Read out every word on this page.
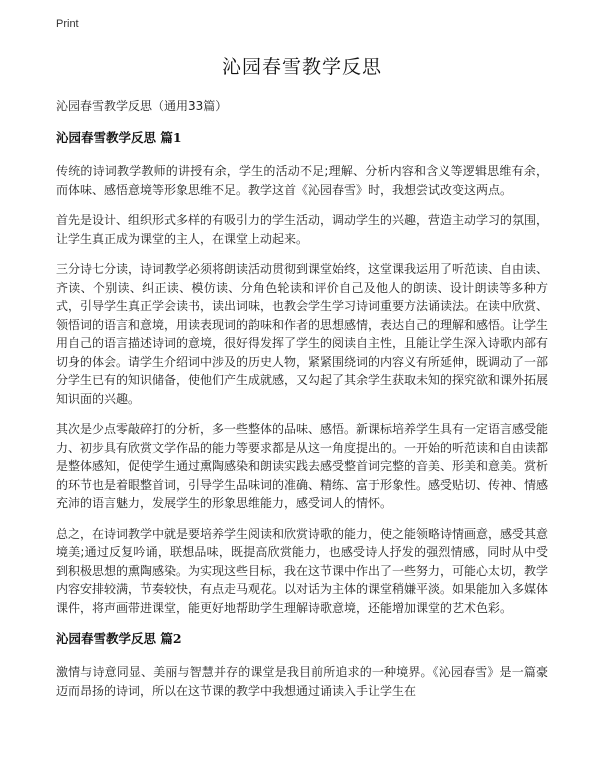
Print
沁园春雪教学反思

沁园春雪教学反思（通用33篇）

沁园春雪教学反思 篇1

传统的诗词教学教师的讲授有余，学生的活动不足;理解、分析内容和含义等逻辑思维有余，而体味、感悟意境等形象思维不足。教学这首《沁园春雪》时，我想尝试改变这两点。

首先是设计、组织形式多样的有吸引力的学生活动，调动学生的兴趣，营造主动学习的氛围，让学生真正成为课堂的主人，在课堂上动起来。

三分诗七分读，诗词教学必须将朗读活动贯彻到课堂始终，这堂课我运用了听范读、自由读、齐读、个别读、纠正读、模仿读、分角色轮读和评价自己及他人的朗读、设计朗读等多种方式，引导学生真正学会读书，读出词味，也教会学生学习诗词重要方法诵读法。在读中欣赏、领悟词的语言和意境，用读表现词的韵味和作者的思想感情，表达自己的理解和感悟。让学生用自己的语言描述诗词的意境，很好得发挥了学生的阅读自主性，且能让学生深入诗歌内部有切身的体会。请学生介绍词中涉及的历史人物，紧紧围绕词的内容义有所延伸，既调动了一部分学生已有的知识储备，使他们产生成就感，又勾起了其余学生获取未知的探究欲和课外拓展知识面的兴趣。

其次是少点零敲碎打的分析，多一些整体的品味、感悟。新课标培养学生具有一定语言感受能力、初步具有欣赏文学作品的能力等要求都是从这一角度提出的。一开始的听范读和自由读都是整体感知，促使学生通过熏陶感染和朗读实践去感受整首词完整的音美、形美和意美。赏析的环节也是着眼整首词，引导学生品味词的准确、精练、富于形象性。感受贴切、传神、情感充沛的语言魅力，发展学生的形象思维能力，感受词人的情怀。

总之，在诗词教学中就是要培养学生阅读和欣赏诗歌的能力，使之能领略诗情画意，感受其意境美;通过反复吟诵，联想品味，既提高欣赏能力，也感受诗人抒发的强烈情感，同时从中受到积极思想的熏陶感染。为实现这些目标，我在这节课中作出了一些努力，可能心太切，教学内容安排较满，节奏较快，有点走马观花。以对话为主体的课堂稍嫌平淡。如果能加入多媒体课件，将声画带进课堂，能更好地帮助学生理解诗歌意境，还能增加课堂的艺术色彩。

沁园春雪教学反思 篇2

激情与诗意同显、美丽与智慧并存的课堂是我目前所追求的一种境界。《沁园春雪》是一篇豪迈而昂扬的诗词，所以在这节课的教学中我想通过诵读入手让学生在
